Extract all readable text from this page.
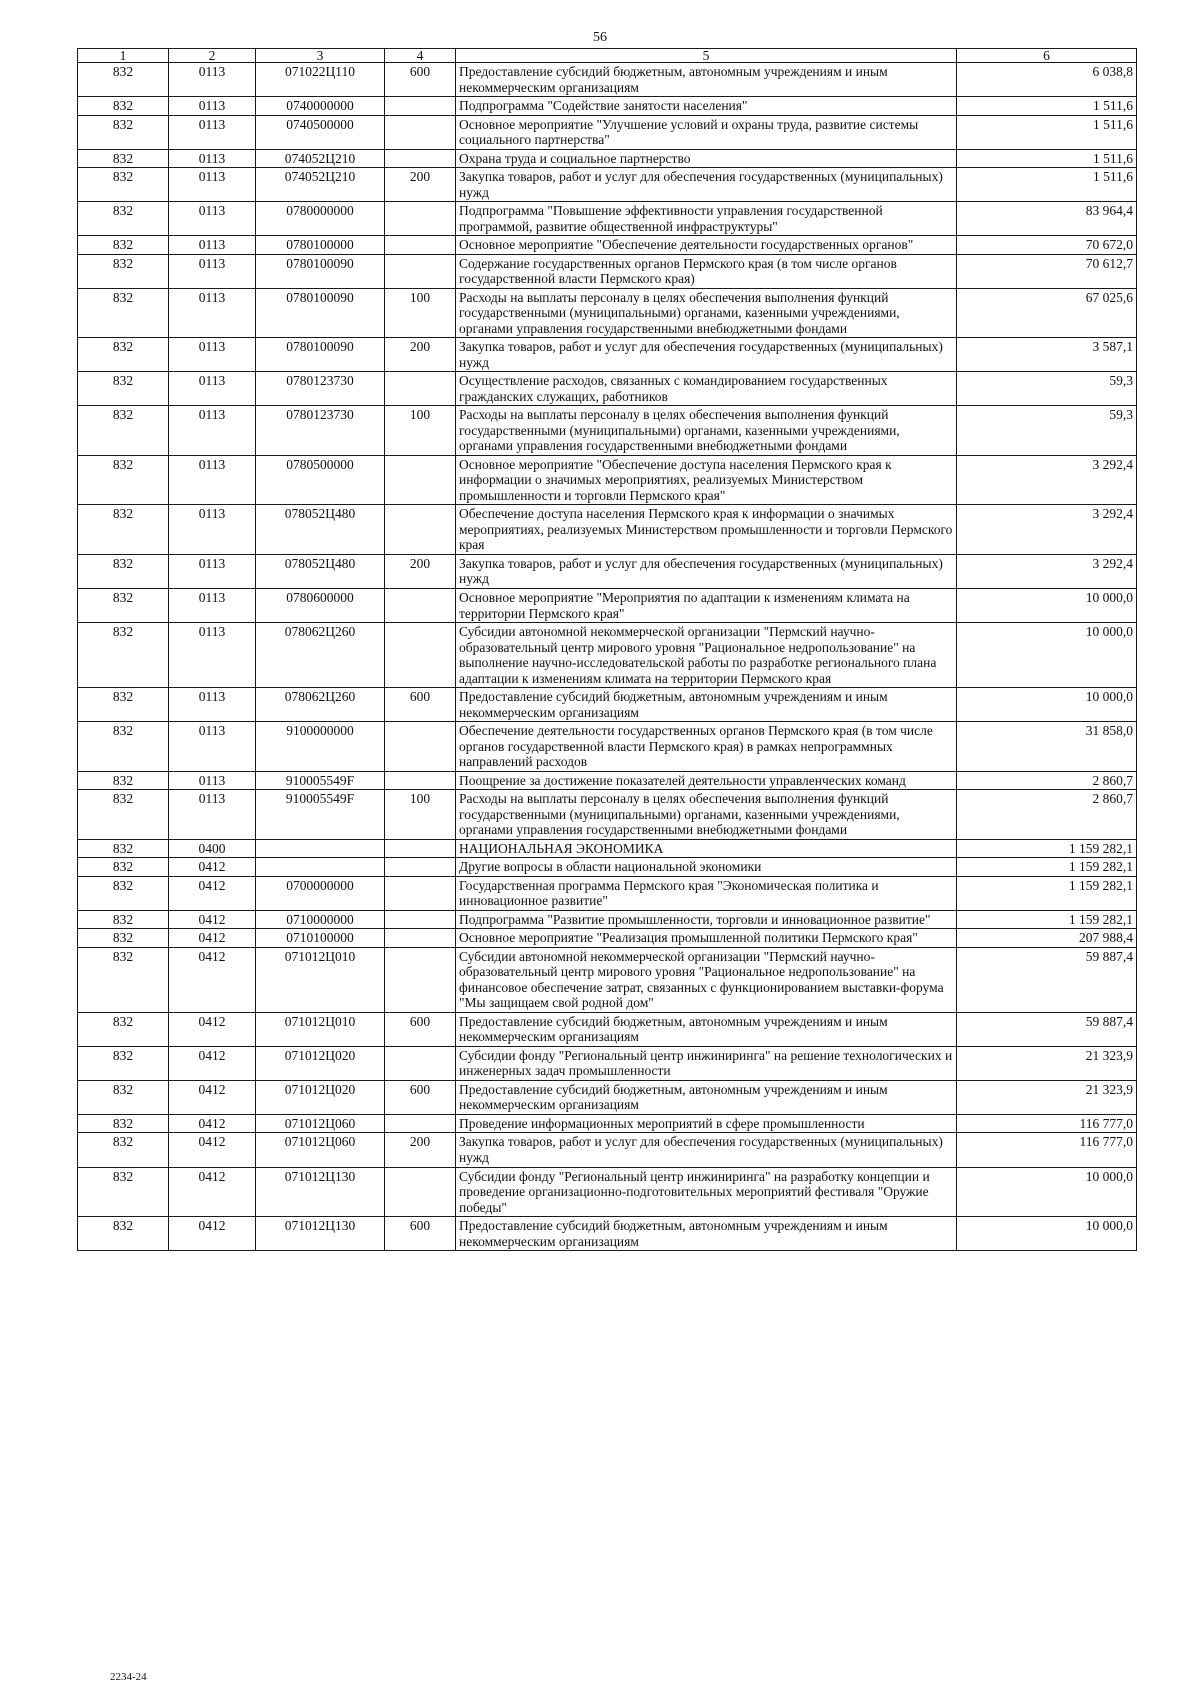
56
1	2	3	4	5	6
832	0113	071022Ц110	600	Предоставление субсидий бюджетным, автономным учреждениям и иным некоммерческим организациям	6 038,8
832	0113	0740000000		Подпрограмма "Содействие занятости населения"	1 511,6
832	0113	0740500000		Основное мероприятие "Улучшение условий и охраны труда, развитие системы социального партнерства"	1 511,6
832	0113	074052Ц210		Охрана труда и социальное партнерство	1 511,6
832	0113	074052Ц210	200	Закупка товаров, работ и услуг для обеспечения государственных (муниципальных) нужд	1 511,6
832	0113	0780000000		Подпрограмма "Повышение эффективности управления государственной программой, развитие общественной инфраструктуры"	83 964,4
832	0113	0780100000		Основное мероприятие "Обеспечение деятельности государственных органов"	70 672,0
832	0113	0780100090		Содержание государственных органов Пермского края (в том числе органов государственной власти Пермского края)	70 612,7
832	0113	0780100090	100	Расходы на выплаты персоналу в целях обеспечения выполнения функций государственными (муниципальными) органами, казенными учреждениями, органами управления государственными внебюджетными фондами	67 025,6
832	0113	0780100090	200	Закупка товаров, работ и услуг для обеспечения государственных (муниципальных) нужд	3 587,1
832	0113	0780123730		Осуществление расходов, связанных с командированием государственных гражданских служащих, работников	59,3
832	0113	0780123730	100	Расходы на выплаты персоналу в целях обеспечения выполнения функций государственными (муниципальными) органами, казенными учреждениями, органами управления государственными внебюджетными фондами	59,3
832	0113	0780500000		Основное мероприятие "Обеспечение доступа населения Пермского края к информации о значимых мероприятиях, реализуемых Министерством промышленности и торговли Пермского края"	3 292,4
832	0113	078052Ц480		Обеспечение доступа населения Пермского края к информации о значимых мероприятиях, реализуемых Министерством промышленности и торговли Пермского края	3 292,4
832	0113	078052Ц480	200	Закупка товаров, работ и услуг для обеспечения государственных (муниципальных) нужд	3 292,4
832	0113	0780600000		Основное мероприятие "Мероприятия по адаптации к изменениям климата на территории Пермского края"	10 000,0
832	0113	078062Ц260		Субсидии автономной некоммерческой организации "Пермский научно-образовательный центр мирового уровня "Рациональное недропользование" на выполнение научно-исследовательской работы по разработке регионального плана адаптации к изменениям климата на территории Пермского края	10 000,0
832	0113	078062Ц260	600	Предоставление субсидий бюджетным, автономным учреждениям и иным некоммерческим организациям	10 000,0
832	0113	9100000000		Обеспечение деятельности государственных органов Пермского края (в том числе органов государственной власти Пермского края) в рамках непрограммных направлений расходов	31 858,0
832	0113	910005549F		Поощрение за достижение показателей деятельности управленческих команд	2 860,7
832	0113	910005549F	100	Расходы на выплаты персоналу в целях обеспечения выполнения функций государственными (муниципальными) органами, казенными учреждениями, органами управления государственными внебюджетными фондами	2 860,7
832	0400			НАЦИОНАЛЬНАЯ ЭКОНОМИКА	1 159 282,1
832	0412			Другие вопросы в области национальной экономики	1 159 282,1
832	0412	0700000000		Государственная программа Пермского края "Экономическая политика и инновационное развитие"	1 159 282,1
832	0412	0710000000		Подпрограмма "Развитие промышленности, торговли и инновационное развитие"	1 159 282,1
832	0412	0710100000		Основное мероприятие "Реализация промышленной политики Пермского края"	207 988,4
832	0412	071012Ц010		Субсидии автономной некоммерческой организации "Пермский научно-образовательный центр мирового уровня "Рациональное недропользование" на финансовое обеспечение затрат, связанных с функционированием выставки-форума "Мы защищаем свой родной дом"	59 887,4
832	0412	071012Ц010	600	Предоставление субсидий бюджетным, автономным учреждениям и иным некоммерческим организациям	59 887,4
832	0412	071012Ц020		Субсидии фонду "Региональный центр инжиниринга" на решение технологических и инженерных задач промышленности	21 323,9
832	0412	071012Ц020	600	Предоставление субсидий бюджетным, автономным учреждениям и иным некоммерческим организациям	21 323,9
832	0412	071012Ц060		Проведение информационных мероприятий в сфере промышленности	116 777,0
832	0412	071012Ц060	200	Закупка товаров, работ и услуг для обеспечения государственных (муниципальных) нужд	116 777,0
832	0412	071012Ц130		Субсидии фонду "Региональный центр инжиниринга" на разработку концепции и проведение организационно-подготовительных мероприятий фестиваля "Оружие победы"	10 000,0
832	0412	071012Ц130	600	Предоставление субсидий бюджетным, автономным учреждениям и иным некоммерческим организациям	10 000,0
2234-24
